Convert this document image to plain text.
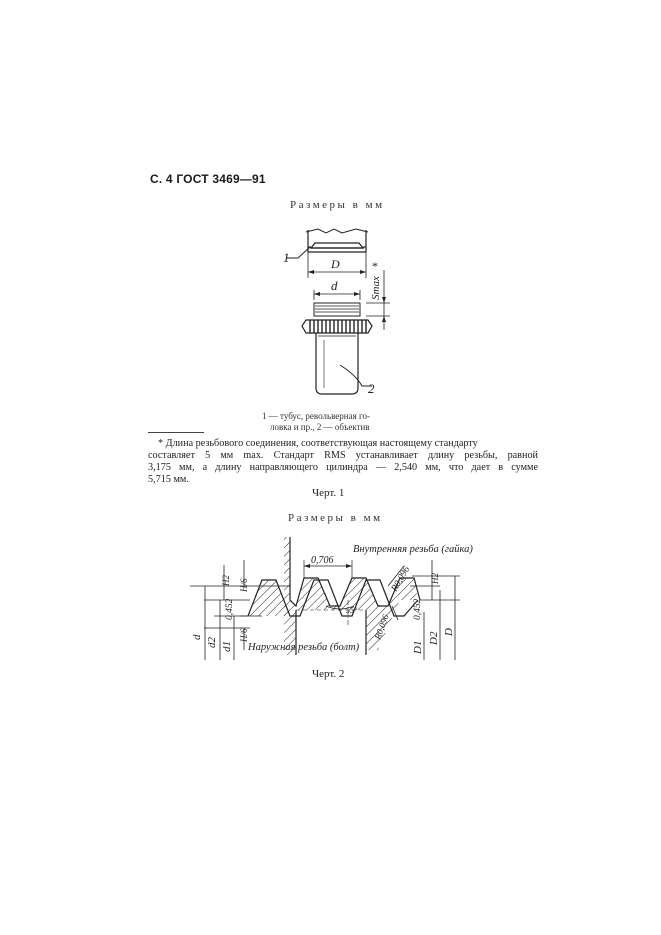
С. 4 ГОСТ 3469—91
Размеры в мм
1	D
d
2
Smax
*
1 — тубус, револьверная го-
ловка и пр., 2 — объектив

* Длина резьбового соединения, соответствующая настоящему стандарту

составляет 5 мм max. Стандарт RMS устанавливает длину резьбы, равной

3,175 мм, а длину направляющего цилиндра — 2,540 мм, что дает в сумме

5,715 мм.

Черт. 1
Размеры в мм
Внутренняя резьба (гайка)
Наружная резьба (болт)
0,706
55°
R0,096
R0,096
0,452	0,452
H/6
H/6
H2	H2
d d2 d1
D
D2
D1
Черт. 2
